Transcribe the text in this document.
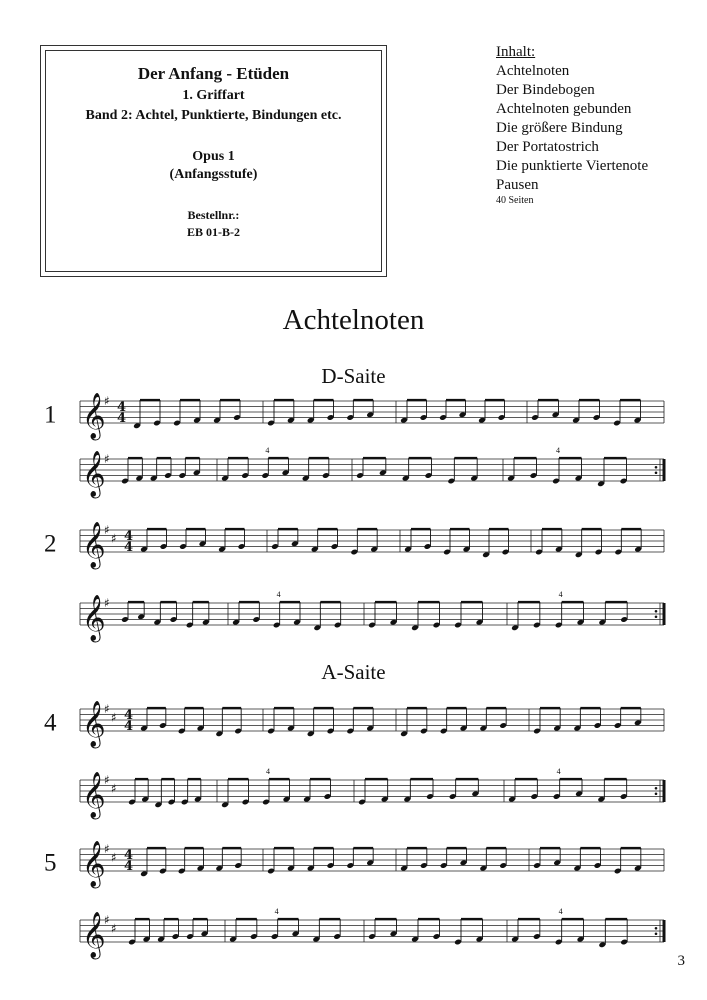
Der Anfang - Etüden
1. Griffart
Band 2: Achtel, Punktierte, Bindungen etc.
Opus 1
(Anfangsstufe)
Bestellnr.:
EB 01-B-2
Inhalt:
Achtelnoten
Der Bindebogen
Achtelnoten gebunden
Die größere Bindung
Der Portatostrich
Die punktierte Viertenote
Pausen
40 Seiten
Achtelnoten
D-Saite
A-Saite
𝄞
♯ 4
4
1
𝄞
♯
4	4
𝄞
♯
♯ 4
4
2
𝄞
♯
4	4
𝄞
♯
♯ 4
4
4
𝄞
♯
♯
4	4
𝄞
♯
♯ 4
4
5
𝄞
♯
♯
4	4
3
